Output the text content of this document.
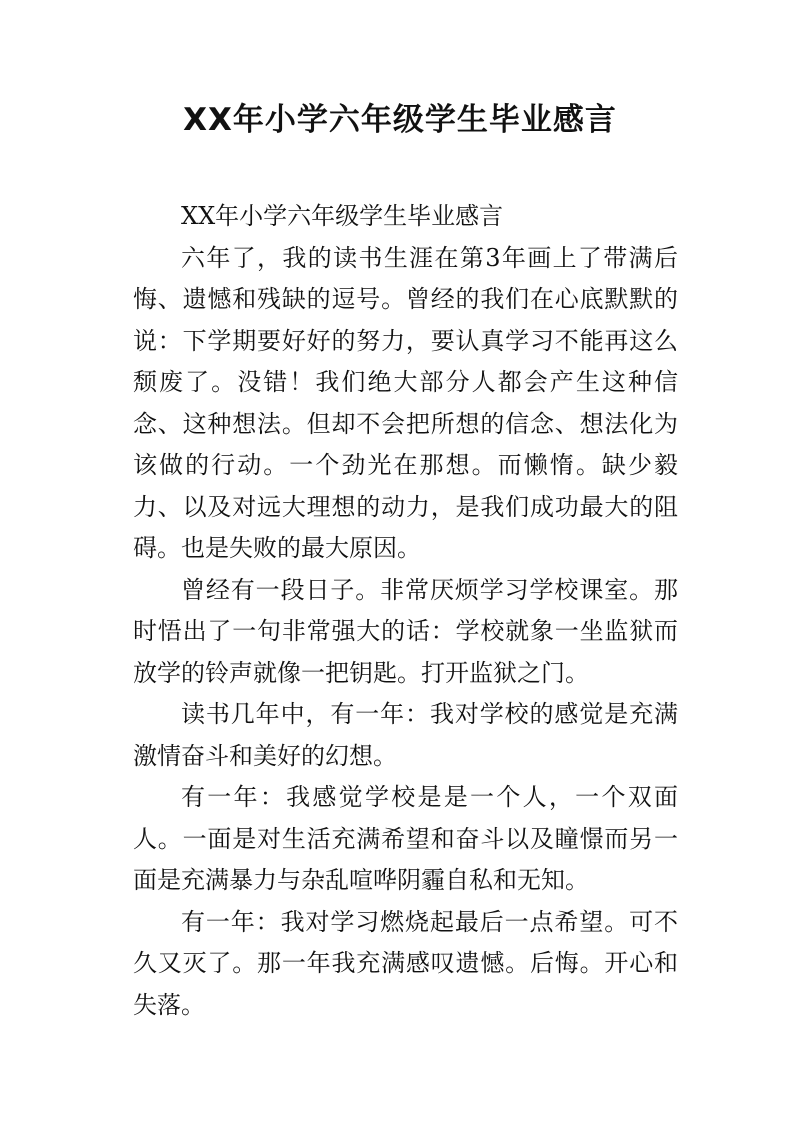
XX年小学六年级学生毕业感言

XX年小学六年级学生毕业感言

六年了，我的读书生涯在第3年画上了带满后悔、遗憾和残缺的逗号。曾经的我们在心底默默的说：下学期要好好的努力，要认真学习不能再这么颓废了。没错！我们绝大部分人都会产生这种信念、这种想法。但却不会把所想的信念、想法化为该做的行动。一个劲光在那想。而懒惰。缺少毅力、以及对远大理想的动力，是我们成功最大的阻碍。也是失败的最大原因。

曾经有一段日子。非常厌烦学习学校课室。那时悟出了一句非常强大的话：学校就象一坐监狱而放学的铃声就像一把钥匙。打开监狱之门。

读书几年中，有一年：我对学校的感觉是充满激情奋斗和美好的幻想。

有一年：我感觉学校是是一个人，一个双面人。一面是对生活充满希望和奋斗以及瞳憬而另一面是充满暴力与杂乱喧哗阴霾自私和无知。

有一年：我对学习燃烧起最后一点希望。可不久又灭了。那一年我充满感叹遗憾。后悔。开心和失落。
